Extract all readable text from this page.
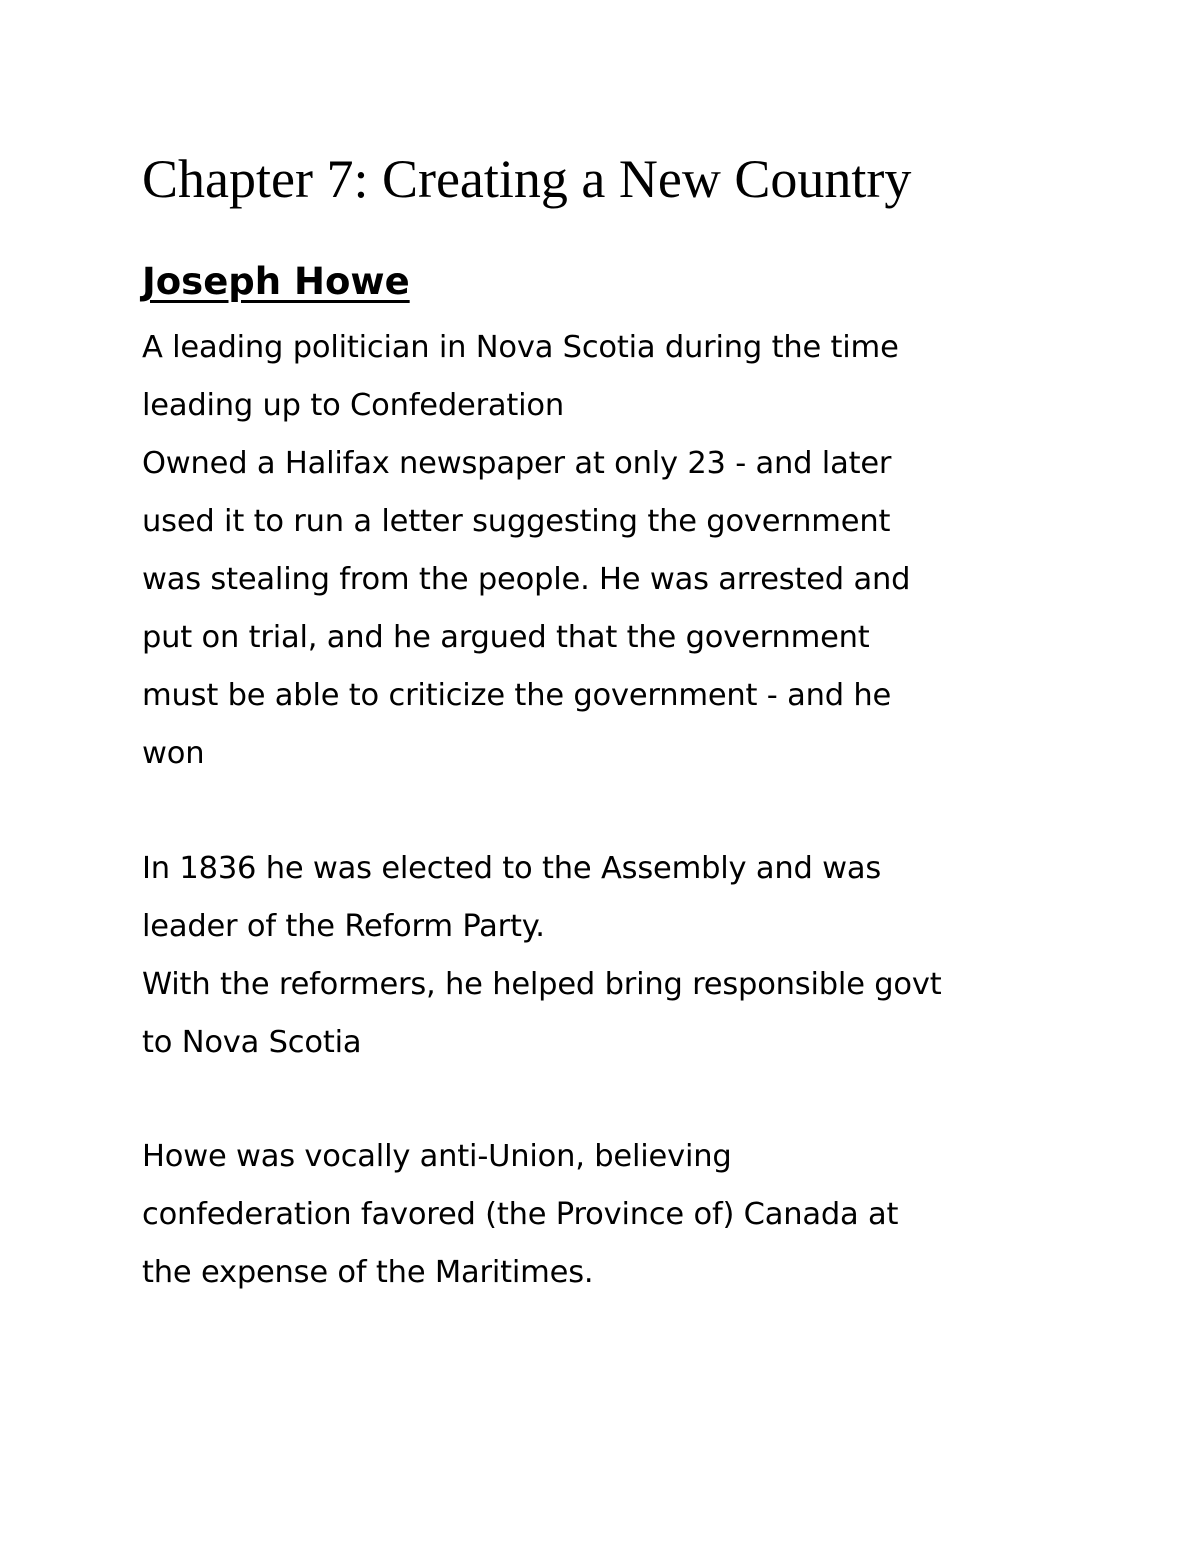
Chapter 7: Creating a New Country
Joseph Howe

A leading politician in Nova Scotia during the time

leading up to Confederation

Owned a Halifax newspaper at only 23 - and later

used it to run a letter suggesting the government

was stealing from the people. He was arrested and

put on trial, and he argued that the government

must be able to criticize the government - and he

won

In 1836 he was elected to the Assembly and was

leader of the Reform Party.

With the reformers, he helped bring responsible govt

to Nova Scotia

Howe was vocally anti-Union, believing

confederation favored (the Province of) Canada at

the expense of the Maritimes.
